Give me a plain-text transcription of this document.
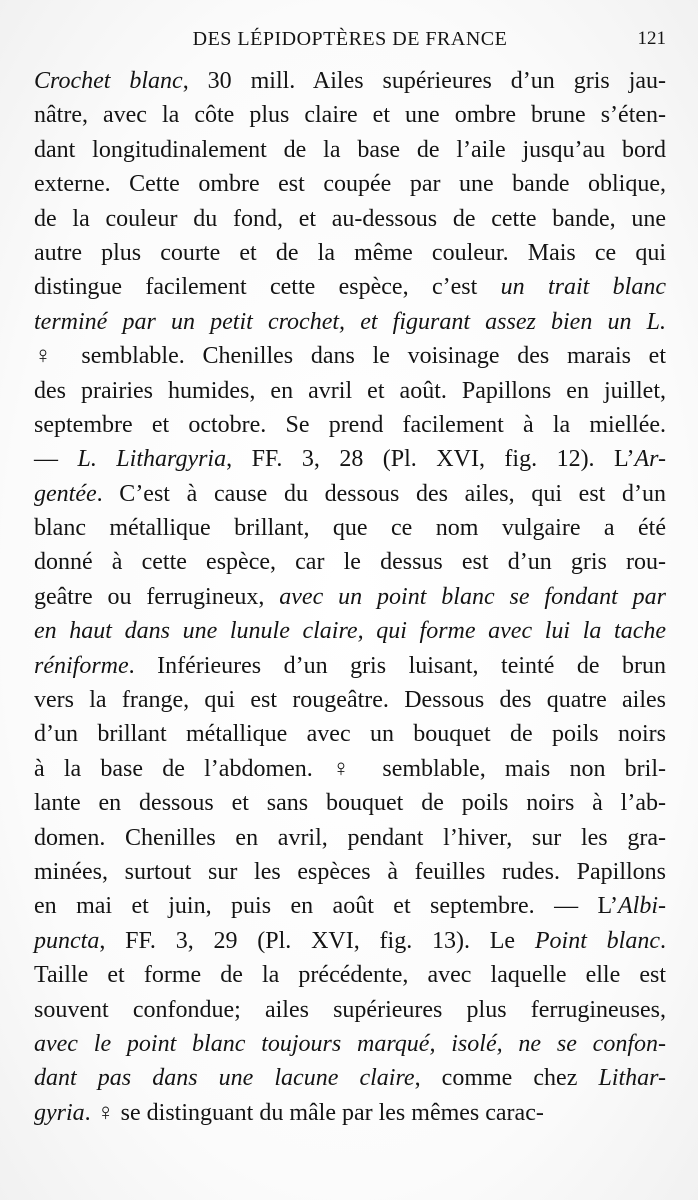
DES LÉPIDOPTÈRES DE FRANCE	121
Crochet blanc, 30 mill. Ailes supérieures d’un gris jau-
nâtre, avec la côte plus claire et une ombre brune s’éten-
dant longitudinalement de la base de l’aile jusqu’au bord
externe. Cette ombre est coupée par une bande oblique,
de la couleur du fond, et au-dessous de cette bande, une
autre plus courte et de la même couleur. Mais ce qui
distingue facilement cette espèce, c’est un trait blanc
terminé par un petit crochet, et figurant assez bien un L.
♀ semblable. Chenilles dans le voisinage des marais et
des prairies humides, en avril et août. Papillons en juillet,
septembre et octobre. Se prend facilement à la miellée.
— L. Lithargyria, FF. 3, 28 (Pl. XVI, fig. 12). L’Ar-
gentée. C’est à cause du dessous des ailes, qui est d’un
blanc métallique brillant, que ce nom vulgaire a été
donné à cette espèce, car le dessus est d’un gris rou-
geâtre ou ferrugineux, avec un point blanc se fondant par
en haut dans une lunule claire, qui forme avec lui la tache
réniforme. Inférieures d’un gris luisant, teinté de brun
vers la frange, qui est rougeâtre. Dessous des quatre ailes
d’un brillant métallique avec un bouquet de poils noirs
à la base de l’abdomen. ♀ semblable, mais non bril-
lante en dessous et sans bouquet de poils noirs à l’ab-
domen. Chenilles en avril, pendant l’hiver, sur les gra-
minées, surtout sur les espèces à feuilles rudes. Papillons
en mai et juin, puis en août et septembre. — L’Albi-
puncta, FF. 3, 29 (Pl. XVI, fig. 13). Le Point blanc.
Taille et forme de la précédente, avec laquelle elle est
souvent confondue; ailes supérieures plus ferrugineuses,
avec le point blanc toujours marqué, isolé, ne se confon-
dant pas dans une lacune claire, comme chez Lithar-
gyria. ♀ se distinguant du mâle par les mêmes carac-
